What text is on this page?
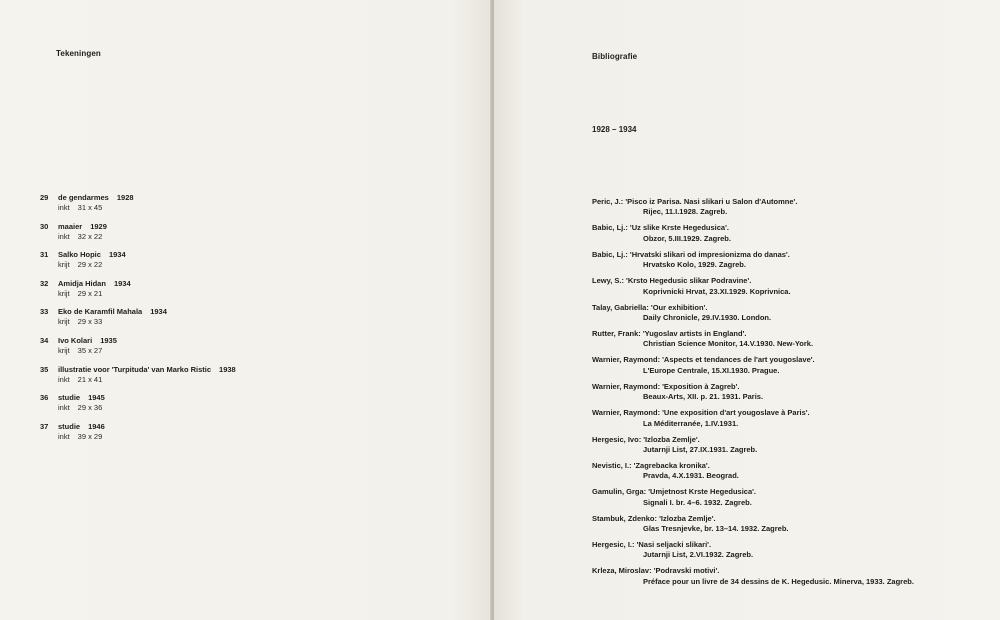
Tekeningen
29	de gendarmes 1928
inkt 31 x 45
30	maaier 1929
inkt 32 x 22
31	Salko Hopic 1934
krijt 29 x 22
32	Amidja Hidan 1934
krijt 29 x 21
33	Eko de Karamfil Mahala 1934
krijt 29 x 33
34	Ivo Kolari 1935
krijt 35 x 27
35	illustratie voor 'Turpituda' van Marko Ristic 1938
inkt 21 x 41
36	studie 1945
inkt 29 x 36
37	studie 1946
inkt 39 x 29
Bibliografie
1928 – 1934
Peric, J.: 'Pisco iz Parisa. Nasi slikari u Salon d'Automne'.
Rijec, 11.I.1928. Zagreb.
Babic, Lj.: 'Uz slike Krste Hegedusica'.
Obzor, 5.III.1929. Zagreb.
Babic, Lj.: 'Hrvatski slikari od impresionizma do danas'.
Hrvatsko Kolo, 1929. Zagreb.
Lewy, S.: 'Krsto Hegedusic slikar Podravine'.
Koprivnicki Hrvat, 23.XI.1929. Koprivnica.
Talay, Gabriella: 'Our exhibition'.
Daily Chronicle, 29.IV.1930. London.
Rutter, Frank: 'Yugoslav artists in England'.
Christian Science Monitor, 14.V.1930. New-York.
Warnier, Raymond: 'Aspects et tendances de l'art yougoslave'.
L'Europe Centrale, 15.XI.1930. Prague.
Warnier, Raymond: 'Exposition à Zagreb'.
Beaux-Arts, XII. p. 21. 1931. Paris.
Warnier, Raymond: 'Une exposition d'art yougoslave à Paris'.
La Méditerranée, 1.IV.1931.
Hergesic, Ivo: 'Izlozba Zemlje'.
Jutarnji List, 27.IX.1931. Zagreb.
Nevistic, I.: 'Zagrebacka kronika'.
Pravda, 4.X.1931. Beograd.
Gamulin, Grga: 'Umjetnost Krste Hegedusica'.
Signali I. br. 4–6. 1932. Zagreb.
Stambuk, Zdenko: 'Izlozba Zemlje'.
Glas Tresnjevke, br. 13–14. 1932. Zagreb.
Hergesic, I.: 'Nasi seljacki slikari'.
Jutarnji List, 2.VI.1932. Zagreb.
Krleza, Miroslav: 'Podravski motivi'.
Préface pour un livre de 34 dessins de K. Hegedusic. Minerva, 1933. Zagreb.
